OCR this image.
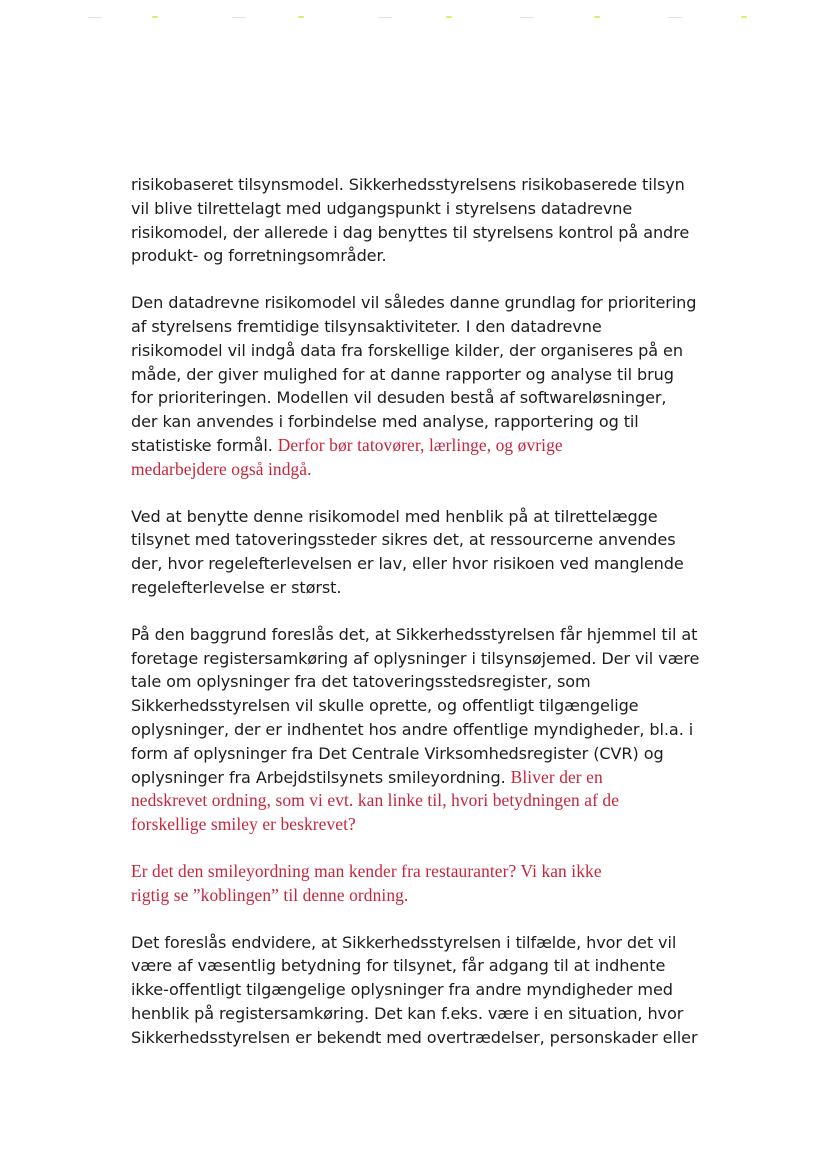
risikobaseret tilsynsmodel. Sikkerhedsstyrelsens risikobaserede tilsyn
vil blive tilrettelagt med udgangspunkt i styrelsens datadrevne
risikomodel, der allerede i dag benyttes til styrelsens kontrol på andre
produkt- og forretningsområder.
Den datadrevne risikomodel vil således danne grundlag for prioritering
af styrelsens fremtidige tilsynsaktiviteter. I den datadrevne
risikomodel vil indgå data fra forskellige kilder, der organiseres på en
måde, der giver mulighed for at danne rapporter og analyse til brug
for prioriteringen. Modellen vil desuden bestå af softwareløsninger,
der kan anvendes i forbindelse med analyse, rapportering og til
statistiske formål. Derfor bør tatovører, lærlinge, og øvrige
medarbejdere også indgå.
Ved at benytte denne risikomodel med henblik på at tilrettelægge
tilsynet med tatoveringssteder sikres det, at ressourcerne anvendes
der, hvor regelefterlevelsen er lav, eller hvor risikoen ved manglende
regelefterlevelse er størst.
På den baggrund foreslås det, at Sikkerhedsstyrelsen får hjemmel til at
foretage registersamkøring af oplysninger i tilsynsøjemed. Der vil være
tale om oplysninger fra det tatoveringsstedsregister, som
Sikkerhedsstyrelsen vil skulle oprette, og offentligt tilgængelige
oplysninger, der er indhentet hos andre offentlige myndigheder, bl.a. i
form af oplysninger fra Det Centrale Virksomhedsregister (CVR) og
oplysninger fra Arbejdstilsynets smileyordning. Bliver der en
nedskrevet ordning, som vi evt. kan linke til, hvori betydningen af de
forskellige smiley er beskrevet?
Er det den smileyordning man kender fra restauranter? Vi kan ikke
rigtig se ”koblingen” til denne ordning.
Det foreslås endvidere, at Sikkerhedsstyrelsen i tilfælde, hvor det vil
være af væsentlig betydning for tilsynet, får adgang til at indhente
ikke-offentligt tilgængelige oplysninger fra andre myndigheder med
henblik på registersamkøring. Det kan f.eks. være i en situation, hvor
Sikkerhedsstyrelsen er bekendt med overtrædelser, personskader eller
